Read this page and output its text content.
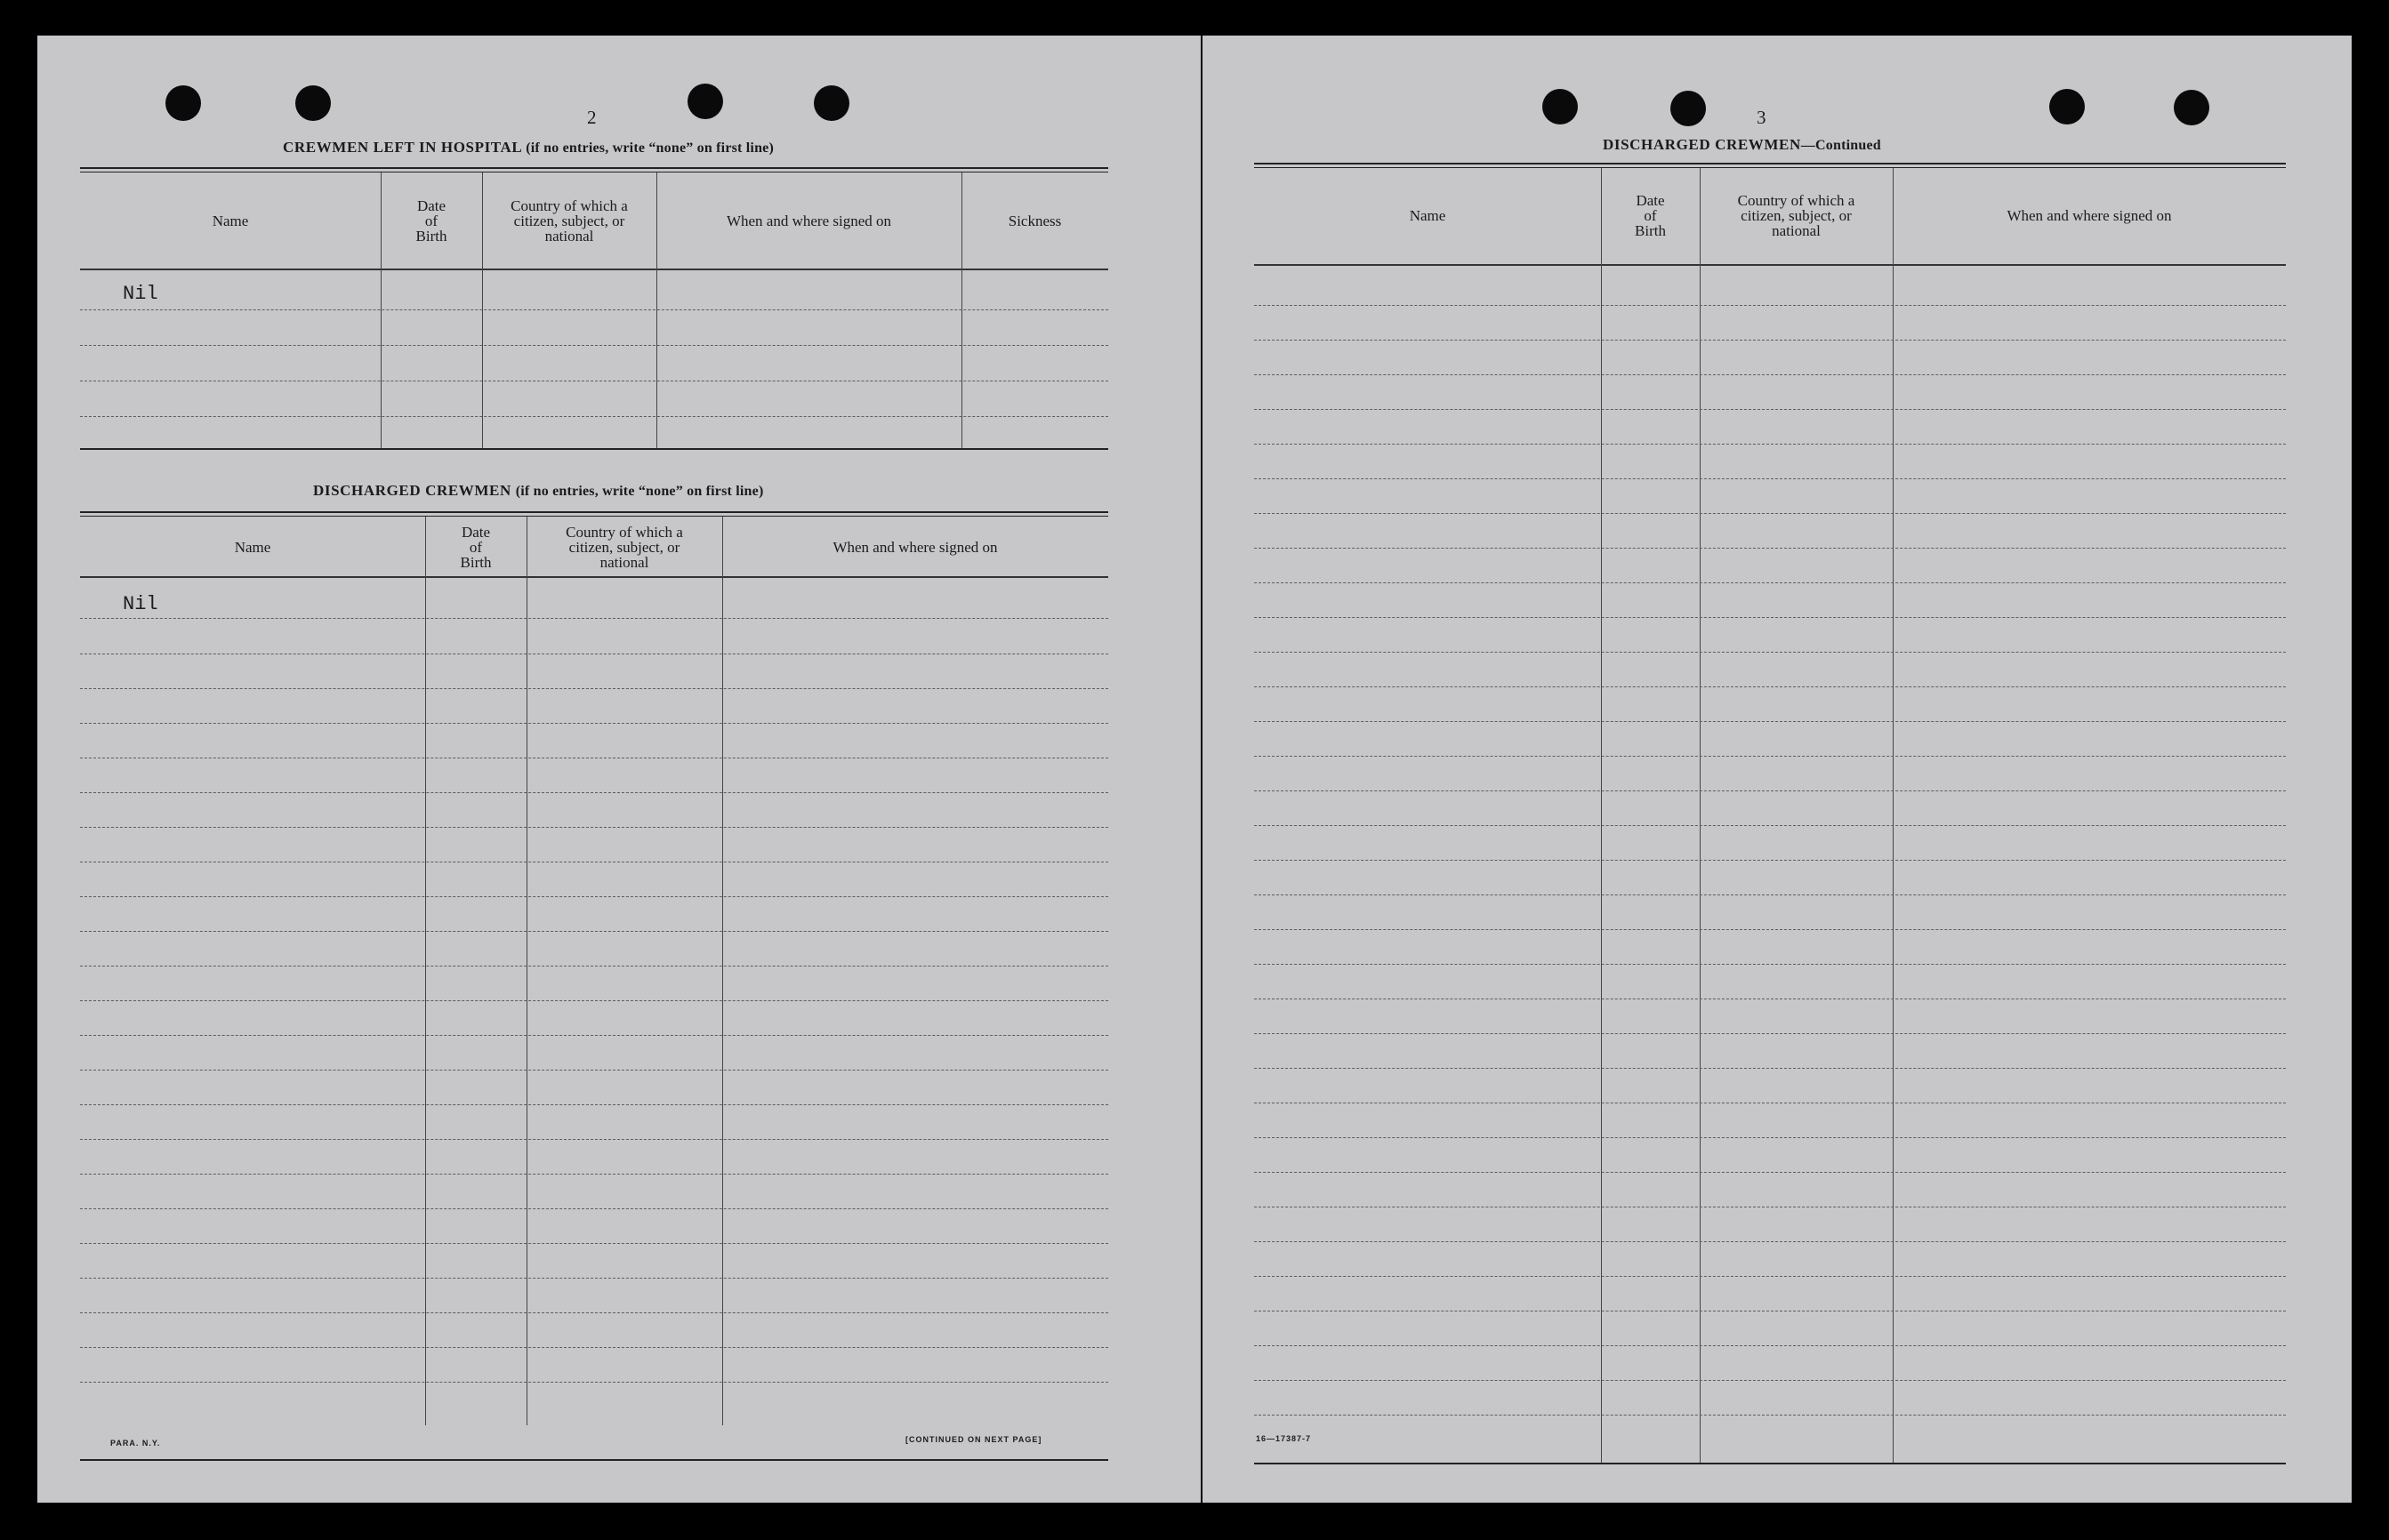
2
CREWMEN LEFT IN HOSPITAL (if no entries, write “none” on first line)
Name
Date
of
Birth
Country of which a
citizen, subject, or
national
When and where signed on	Sickness
Nil
DISCHARGED CREWMEN (if no entries, write “none” on first line)
Name
Date
of
Birth
Country of which a
citizen, subject, or
national
When and where signed on
Nil
PARA. N.Y.	[CONTINUED ON NEXT PAGE]
3
DISCHARGED CREWMEN—Continued
Name
Date
of
Birth
Country of which a
citizen, subject, or
national
When and where signed on
16—17387-7
